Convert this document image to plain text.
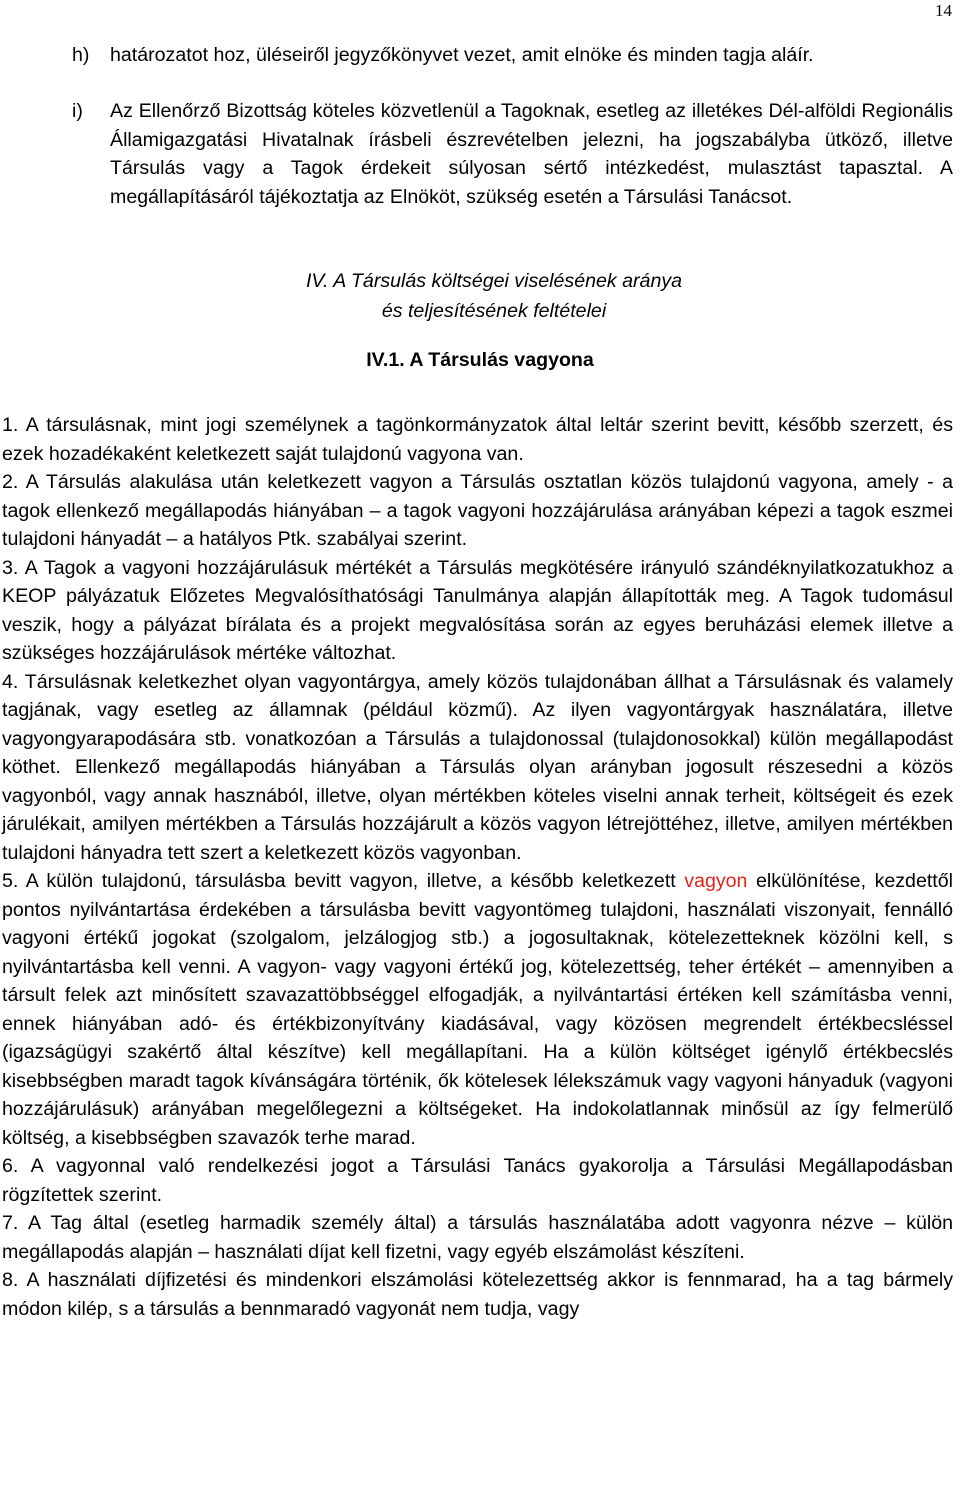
14
h)	határozatot hoz, üléseiről jegyzőkönyvet vezet, amit elnöke és minden tagja aláír.
i)	Az Ellenőrző Bizottság köteles közvetlenül a Tagoknak, esetleg az illetékes Dél-alföldi Regionális Államigazgatási Hivatalnak írásbeli észrevételben jelezni, ha jogszabályba ütköző, illetve Társulás vagy a Tagok érdekeit súlyosan sértő intézkedést, mulasztást tapasztal. A megállapításáról tájékoztatja az Elnököt, szükség esetén a Társulási Tanácsot.
IV. A Társulás költségei viselésének aránya
és teljesítésének feltételei
IV.1. A Társulás vagyona

1. A társulásnak, mint jogi személynek a tagönkormányzatok által leltár szerint bevitt, később szerzett, és ezek hozadékaként keletkezett saját tulajdonú vagyona van.

2. A Társulás alakulása után keletkezett vagyon a Társulás osztatlan közös tulajdonú vagyona, amely - a tagok ellenkező megállapodás hiányában – a tagok vagyoni hozzájárulása arányában képezi a tagok eszmei tulajdoni hányadát – a hatályos Ptk. szabályai szerint.

3. A Tagok a vagyoni hozzájárulásuk mértékét a Társulás megkötésére irányuló szándéknyilatkozatukhoz a KEOP pályázatuk Előzetes Megvalósíthatósági Tanulmánya alapján állapították meg. A Tagok tudomásul veszik, hogy a pályázat bírálata és a projekt megvalósítása során az egyes beruházási elemek illetve a szükséges hozzájárulások mértéke változhat.

4. Társulásnak keletkezhet olyan vagyontárgya, amely közös tulajdonában állhat a Társulásnak és valamely tagjának, vagy esetleg az államnak (például közmű). Az ilyen vagyontárgyak használatára, illetve vagyongyarapodására stb. vonatkozóan a Társulás a tulajdonossal (tulajdonosokkal) külön megállapodást köthet. Ellenkező megállapodás hiányában a Társulás olyan arányban jogosult részesedni a közös vagyonból, vagy annak hasznából, illetve, olyan mértékben köteles viselni annak terheit, költségeit és ezek járulékait, amilyen mértékben a Társulás hozzájárult a közös vagyon létrejöttéhez, illetve, amilyen mértékben tulajdoni hányadra tett szert a keletkezett közös vagyonban.

5. A külön tulajdonú, társulásba bevitt vagyon, illetve, a később keletkezett vagyon elkülönítése, kezdettől pontos nyilvántartása érdekében a társulásba bevitt vagyontömeg tulajdoni, használati viszonyait, fennálló vagyoni értékű jogokat (szolgalom, jelzálogjog stb.) a jogosultaknak, kötelezetteknek közölni kell, s nyilvántartásba kell venni. A vagyon- vagy vagyoni értékű jog, kötelezettség, teher értékét – amennyiben a társult felek azt minősített szavazattöbbséggel elfogadják, a nyilvántartási értéken kell számításba venni, ennek hiányában adó- és értékbizonyítvány kiadásával, vagy közösen megrendelt értékbecsléssel (igazságügyi szakértő által készítve) kell megállapítani. Ha a külön költséget igénylő értékbecslés kisebbségben maradt tagok kívánságára történik, ők kötelesek lélekszámuk vagy vagyoni hányaduk (vagyoni hozzájárulásuk) arányában megelőlegezni a költségeket. Ha indokolatlannak minősül az így felmerülő költség, a kisebbségben szavazók terhe marad.

6. A vagyonnal való rendelkezési jogot a Társulási Tanács gyakorolja a Társulási Megállapodásban rögzítettek szerint.

7. A Tag által (esetleg harmadik személy által) a társulás használatába adott vagyonra nézve – külön megállapodás alapján – használati díjat kell fizetni, vagy egyéb elszámolást készíteni.

8. A használati díjfizetési és mindenkori elszámolási kötelezettség akkor is fennmarad, ha a tag bármely módon kilép, s a társulás a bennmaradó vagyonát nem tudja, vagy
